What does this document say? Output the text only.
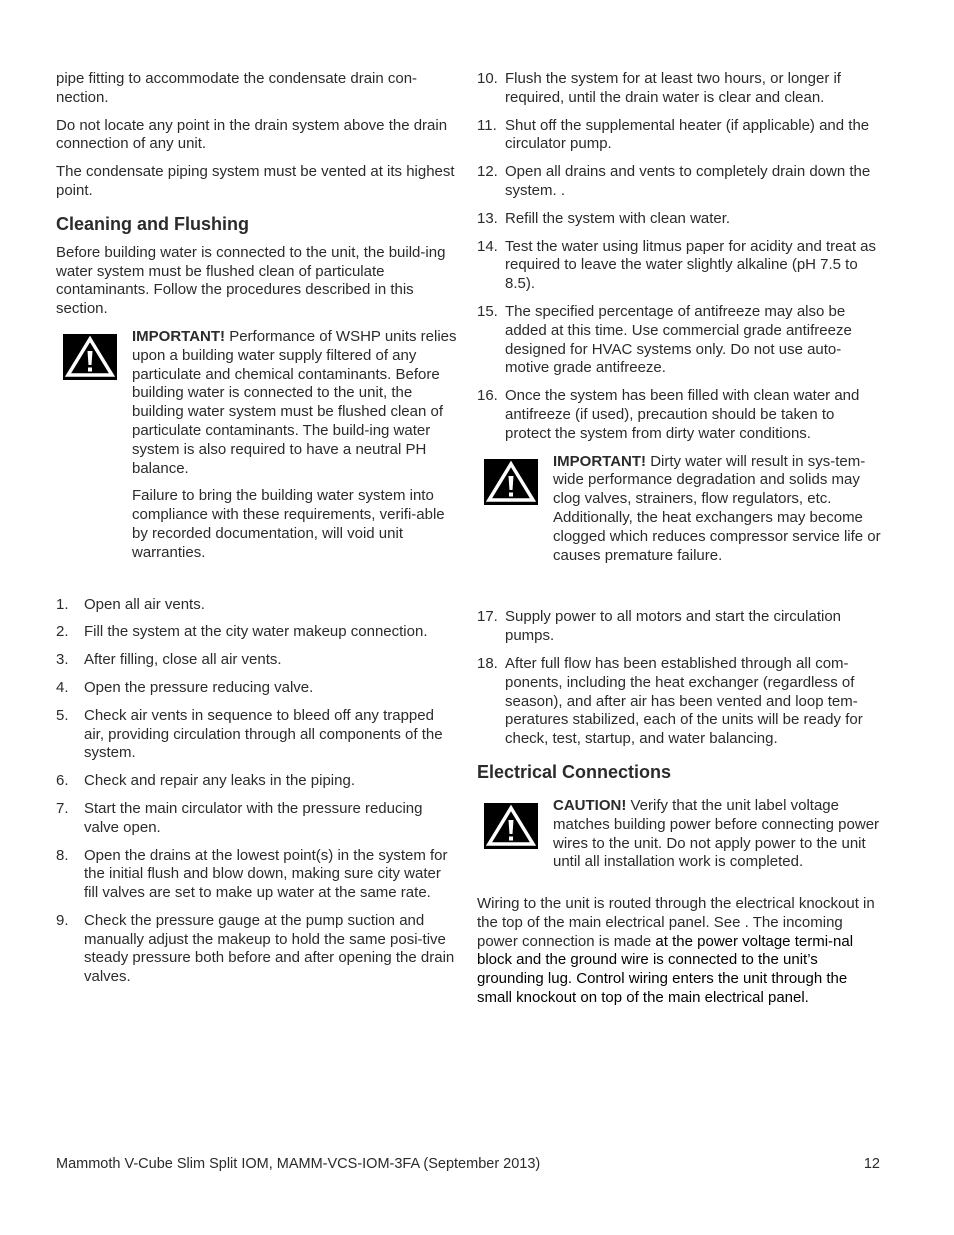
pipe fitting to accommodate the condensate drain con-nection.

Do not locate any point in the drain system above the drain connection of any unit.

The condensate piping system must be vented at its highest point.

Cleaning and Flushing

Before building water is connected to the unit, the build-ing water system must be flushed clean of particulate contaminants. Follow the procedures described in this section.

IMPORTANT! Performance of WSHP units relies upon a building water supply filtered of any particulate and chemical contaminants. Before building water is connected to the unit, the building water system must be flushed clean of particulate contaminants. The build-ing water system is also required to have a neutral PH balance.

Failure to bring the building water system into compliance with these requirements, verifi-able by recorded documentation, will void unit warranties.

1.	Open all air vents.
2.	Fill the system at the city water makeup connection.
3.	After filling, close all air vents.
4.	Open the pressure reducing valve.
5.	Check air vents in sequence to bleed off any trapped air, providing circulation through all components of the system.
6.	Check and repair any leaks in the piping.
7.	Start the main circulator with the pressure reducing valve open.
8.	Open the drains at the lowest point(s) in the system for the initial flush and blow down, making sure city water fill valves are set to make up water at the same rate.
9.	Check the pressure gauge at the pump suction and manually adjust the makeup to hold the same posi-tive steady pressure both before and after opening the drain valves.
10. Flush the system for at least two hours, or longer if required, until the drain water is clear and clean.
11. Shut off the supplemental heater (if applicable) and the circulator pump.
12. Open all drains and vents to completely drain down the system. .
13. Refill the system with clean water.
14. Test the water using litmus paper for acidity and treat as required to leave the water slightly alkaline (pH 7.5 to 8.5).
15. The specified percentage of antifreeze may also be added at this time. Use commercial grade antifreeze designed for HVAC systems only. Do not use auto-motive grade antifreeze.
16. Once the system has been filled with clean water and antifreeze (if used), precaution should be taken to protect the system from dirty water conditions.

IMPORTANT! Dirty water will result in sys-tem-wide performance degradation and solids may clog valves, strainers, flow regulators, etc. Additionally, the heat exchangers may become clogged which reduces compressor service life or causes premature failure.

17. Supply power to all motors and start the circulation pumps.
18. After full flow has been established through all com-ponents, including the heat exchanger (regardless of season), and after air has been vented and loop tem-peratures stabilized, each of the units will be ready for check, test, startup, and water balancing.
Electrical Connections

CAUTION! Verify that the unit label voltage matches building power before connecting power wires to the unit. Do not apply power to the unit until all installation work is completed.

Wiring to the unit is routed through the electrical knockout in the top of the main electrical panel. See . The incoming power connection is made at the power voltage termi-nal block and the ground wire is connected to the unit’s grounding lug. Control wiring enters the unit through the small knockout on top of the main electrical panel.

Mammoth V-Cube Slim Split IOM, MAMM-VCS-IOM-3FA (September 2013)	12
